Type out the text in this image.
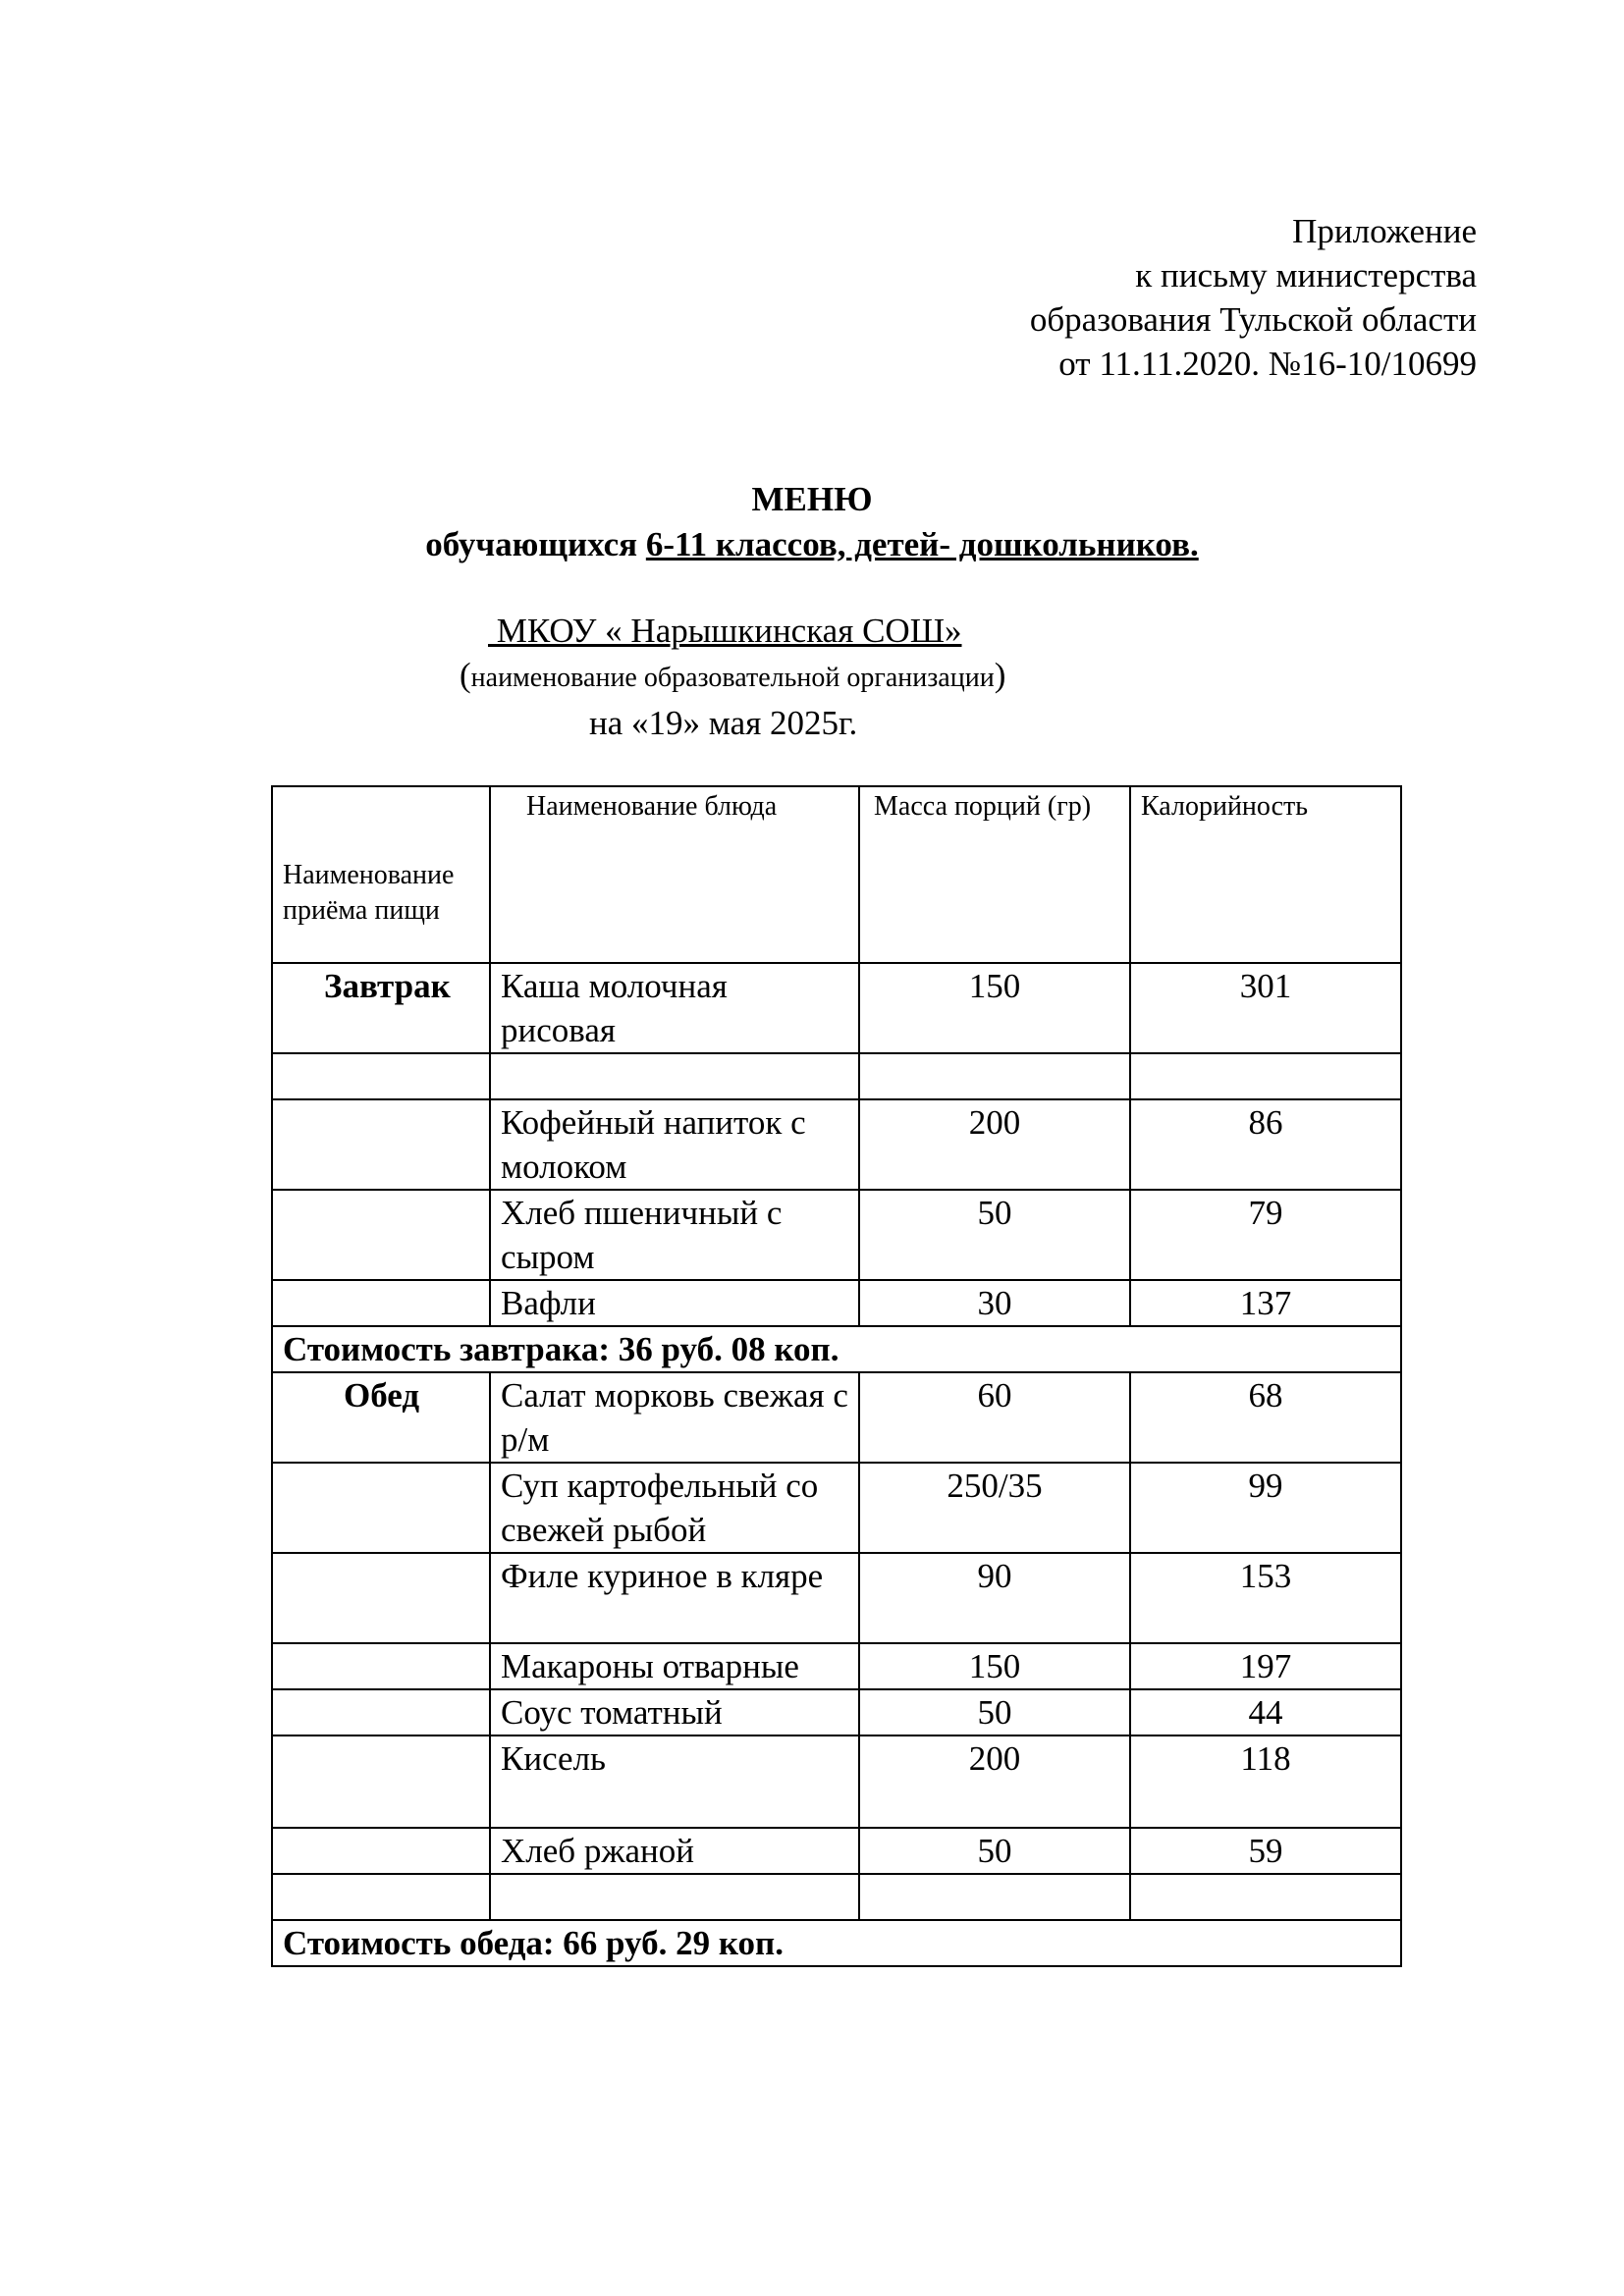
Приложение
к письму министерства
образования Тульской области
от 11.11.2020. №16-10/10699
МЕНЮ
обучающихся 6-11 классов, детей- дошкольников.
МКОУ « Нарышкинская СОШ»
(наименование образовательной организации)
на «19» мая 2025г.
Наименование приёма пищи	Наименование блюда	Масса порций (гр)	Калорийность
Завтрак	Каша молочная рисовая	150	301

	Кофейный напиток с молоком	200	86
	Хлеб пшеничный с сыром	50	79
	Вафли	30	137
Стоимость завтрака: 36 руб. 08 коп.			
Обед	Салат морковь свежая с р/м	60	68
	Суп картофельный со свежей рыбой	250/35	99
	Филе куриное в кляре	90	153
	Макароны отварные	150	197
	Соус томатный	50	44
	Кисель	200	118
	Хлеб ржаной	50	59

Стоимость обеда: 66 руб. 29 коп.			
